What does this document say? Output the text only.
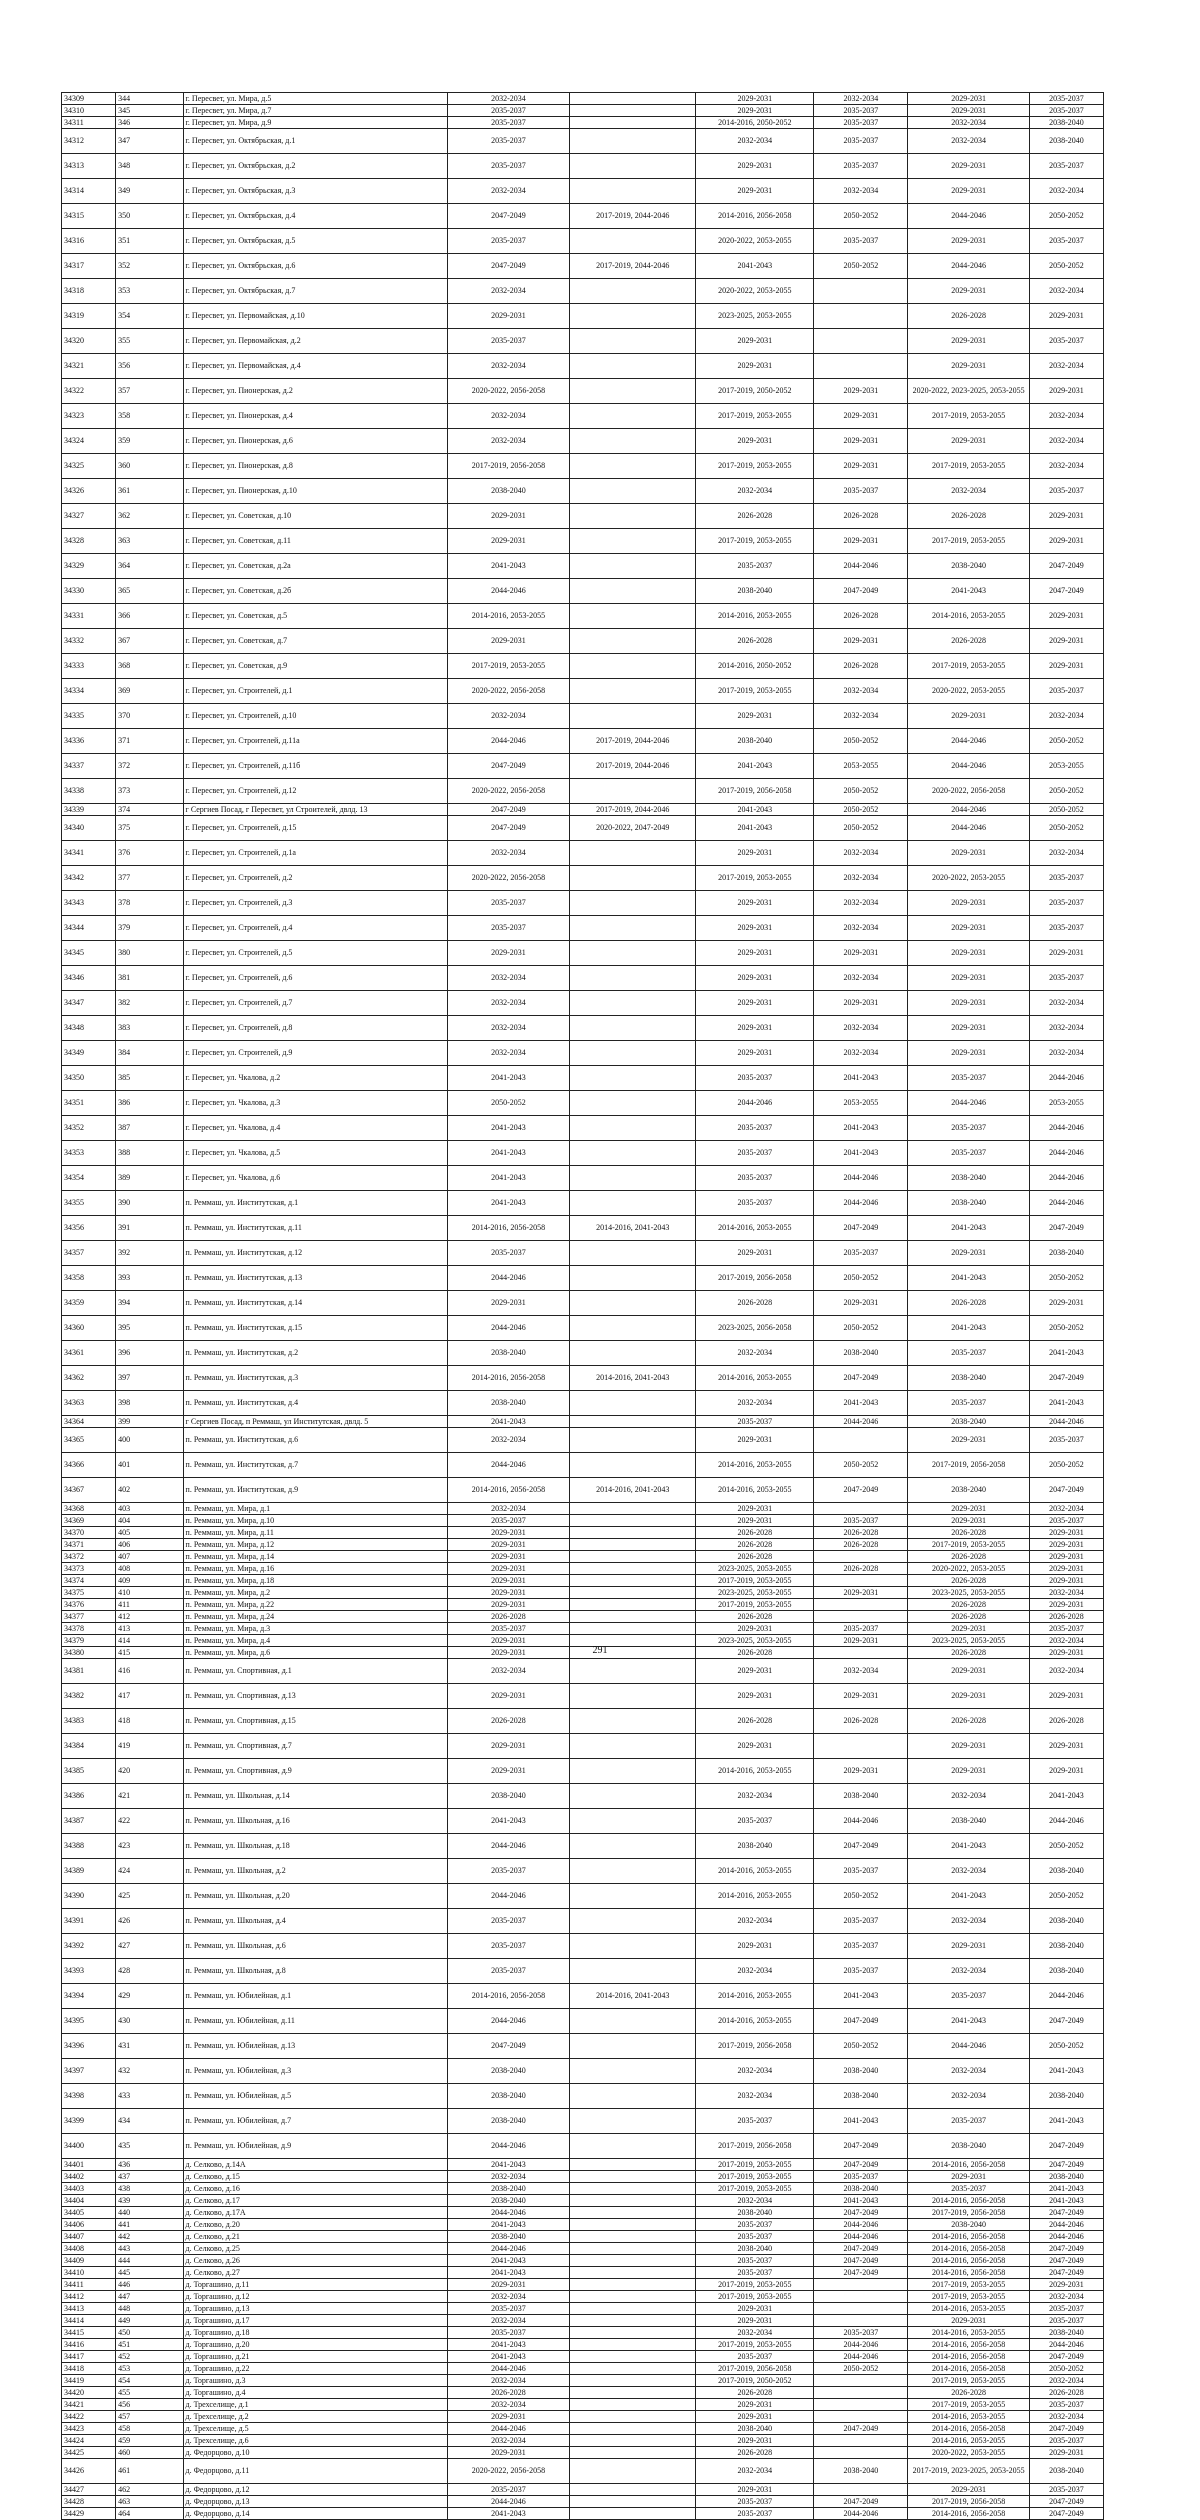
34309	344	г. Пересвет, ул. Мира, д.5	2032-2034		2029-2031	2032-2034	2029-2031	2035-2037
34310	345	г. Пересвет, ул. Мира, д.7	2035-2037		2029-2031	2035-2037	2029-2031	2035-2037
34311	346	г. Пересвет, ул. Мира, д.9	2035-2037		2014-2016, 2050-2052	2035-2037	2032-2034	2038-2040
34312	347	г. Пересвет, ул. Октябрьская, д.1	2035-2037		2032-2034	2035-2037	2032-2034	2038-2040
34313	348	г. Пересвет, ул. Октябрьская, д.2	2035-2037		2029-2031	2035-2037	2029-2031	2035-2037
34314	349	г. Пересвет, ул. Октябрьская, д.3	2032-2034		2029-2031	2032-2034	2029-2031	2032-2034
34315	350	г. Пересвет, ул. Октябрьская, д.4	2047-2049	2017-2019, 2044-2046	2014-2016, 2056-2058	2050-2052	2044-2046	2050-2052
34316	351	г. Пересвет, ул. Октябрьская, д.5	2035-2037		2020-2022, 2053-2055	2035-2037	2029-2031	2035-2037
34317	352	г. Пересвет, ул. Октябрьская, д.6	2047-2049	2017-2019, 2044-2046	2041-2043	2050-2052	2044-2046	2050-2052
34318	353	г. Пересвет, ул. Октябрьская, д.7	2032-2034		2020-2022, 2053-2055		2029-2031	2032-2034
34319	354	г. Пересвет, ул. Первомайская, д.10	2029-2031		2023-2025, 2053-2055		2026-2028	2029-2031
34320	355	г. Пересвет, ул. Первомайская, д.2	2035-2037		2029-2031		2029-2031	2035-2037
34321	356	г. Пересвет, ул. Первомайская, д.4	2032-2034		2029-2031		2029-2031	2032-2034
34322	357	г. Пересвет, ул. Пионерская, д.2	2020-2022, 2056-2058		2017-2019, 2050-2052	2029-2031	2020-2022, 2023-2025, 2053-2055	2029-2031
34323	358	г. Пересвет, ул. Пионерская, д.4	2032-2034		2017-2019, 2053-2055	2029-2031	2017-2019, 2053-2055	2032-2034
34324	359	г. Пересвет, ул. Пионерская, д.6	2032-2034		2029-2031	2029-2031	2029-2031	2032-2034
34325	360	г. Пересвет, ул. Пионерская, д.8	2017-2019, 2056-2058		2017-2019, 2053-2055	2029-2031	2017-2019, 2053-2055	2032-2034
34326	361	г. Пересвет, ул. Пионерская, д.10	2038-2040		2032-2034	2035-2037	2032-2034	2035-2037
34327	362	г. Пересвет, ул. Советская, д.10	2029-2031		2026-2028	2026-2028	2026-2028	2029-2031
34328	363	г. Пересвет, ул. Советская, д.11	2029-2031		2017-2019, 2053-2055	2029-2031	2017-2019, 2053-2055	2029-2031
34329	364	г. Пересвет, ул. Советская, д.2а	2041-2043		2035-2037	2044-2046	2038-2040	2047-2049
34330	365	г. Пересвет, ул. Советская, д.2б	2044-2046		2038-2040	2047-2049	2041-2043	2047-2049
34331	366	г. Пересвет, ул. Советская, д.5	2014-2016, 2053-2055		2014-2016, 2053-2055	2026-2028	2014-2016, 2053-2055	2029-2031
34332	367	г. Пересвет, ул. Советская, д.7	2029-2031		2026-2028	2029-2031	2026-2028	2029-2031
34333	368	г. Пересвет, ул. Советская, д.9	2017-2019, 2053-2055		2014-2016, 2050-2052	2026-2028	2017-2019, 2053-2055	2029-2031
34334	369	г. Пересвет, ул. Строителей, д.1	2020-2022, 2056-2058		2017-2019, 2053-2055	2032-2034	2020-2022, 2053-2055	2035-2037
34335	370	г. Пересвет, ул. Строителей, д.10	2032-2034		2029-2031	2032-2034	2029-2031	2032-2034
34336	371	г. Пересвет, ул. Строителей, д.11а	2044-2046	2017-2019, 2044-2046	2038-2040	2050-2052	2044-2046	2050-2052
34337	372	г. Пересвет, ул. Строителей, д.11б	2047-2049	2017-2019, 2044-2046	2041-2043	2053-2055	2044-2046	2053-2055
34338	373	г. Пересвет, ул. Строителей, д.12	2020-2022, 2056-2058		2017-2019, 2056-2058	2050-2052	2020-2022, 2056-2058	2050-2052
34339	374	г Сергиев Посад, г Пересвет, ул Строителей, двлд. 13	2047-2049	2017-2019, 2044-2046	2041-2043	2050-2052	2044-2046	2050-2052
34340	375	г. Пересвет, ул. Строителей, д.15	2047-2049	2020-2022, 2047-2049	2041-2043	2050-2052	2044-2046	2050-2052
34341	376	г. Пересвет, ул. Строителей, д.1а	2032-2034		2029-2031	2032-2034	2029-2031	2032-2034
34342	377	г. Пересвет, ул. Строителей, д.2	2020-2022, 2056-2058		2017-2019, 2053-2055	2032-2034	2020-2022, 2053-2055	2035-2037
34343	378	г. Пересвет, ул. Строителей, д.3	2035-2037		2029-2031	2032-2034	2029-2031	2035-2037
34344	379	г. Пересвет, ул. Строителей, д.4	2035-2037		2029-2031	2032-2034	2029-2031	2035-2037
34345	380	г. Пересвет, ул. Строителей, д.5	2029-2031		2029-2031	2029-2031	2029-2031	2029-2031
34346	381	г. Пересвет, ул. Строителей, д.6	2032-2034		2029-2031	2032-2034	2029-2031	2035-2037
34347	382	г. Пересвет, ул. Строителей, д.7	2032-2034		2029-2031	2029-2031	2029-2031	2032-2034
34348	383	г. Пересвет, ул. Строителей, д.8	2032-2034		2029-2031	2032-2034	2029-2031	2032-2034
34349	384	г. Пересвет, ул. Строителей, д.9	2032-2034		2029-2031	2032-2034	2029-2031	2032-2034
34350	385	г. Пересвет, ул. Чкалова, д.2	2041-2043		2035-2037	2041-2043	2035-2037	2044-2046
34351	386	г. Пересвет, ул. Чкалова, д.3	2050-2052		2044-2046	2053-2055	2044-2046	2053-2055
34352	387	г. Пересвет, ул. Чкалова, д.4	2041-2043		2035-2037	2041-2043	2035-2037	2044-2046
34353	388	г. Пересвет, ул. Чкалова, д.5	2041-2043		2035-2037	2041-2043	2035-2037	2044-2046
34354	389	г. Пересвет, ул. Чкалова, д.6	2041-2043		2035-2037	2044-2046	2038-2040	2044-2046
34355	390	п. Реммаш, ул. Институтская, д.1	2041-2043		2035-2037	2044-2046	2038-2040	2044-2046
34356	391	п. Реммаш, ул. Институтская, д.11	2014-2016, 2056-2058	2014-2016, 2041-2043	2014-2016, 2053-2055	2047-2049	2041-2043	2047-2049
34357	392	п. Реммаш, ул. Институтская, д.12	2035-2037		2029-2031	2035-2037	2029-2031	2038-2040
34358	393	п. Реммаш, ул. Институтская, д.13	2044-2046		2017-2019, 2056-2058	2050-2052	2041-2043	2050-2052
34359	394	п. Реммаш, ул. Институтская, д.14	2029-2031		2026-2028	2029-2031	2026-2028	2029-2031
34360	395	п. Реммаш, ул. Институтская, д.15	2044-2046		2023-2025, 2056-2058	2050-2052	2041-2043	2050-2052
34361	396	п. Реммаш, ул. Институтская, д.2	2038-2040		2032-2034	2038-2040	2035-2037	2041-2043
34362	397	п. Реммаш, ул. Институтская, д.3	2014-2016, 2056-2058	2014-2016, 2041-2043	2014-2016, 2053-2055	2047-2049	2038-2040	2047-2049
34363	398	п. Реммаш, ул. Институтская, д.4	2038-2040		2032-2034	2041-2043	2035-2037	2041-2043
34364	399	г Сергиев Посад, п Реммаш, ул Институтская, двлд. 5	2041-2043		2035-2037	2044-2046	2038-2040	2044-2046
34365	400	п. Реммаш, ул. Институтская, д.6	2032-2034		2029-2031		2029-2031	2035-2037
34366	401	п. Реммаш, ул. Институтская, д.7	2044-2046		2014-2016, 2053-2055	2050-2052	2017-2019, 2056-2058	2050-2052
34367	402	п. Реммаш, ул. Институтская, д.9	2014-2016, 2056-2058	2014-2016, 2041-2043	2014-2016, 2053-2055	2047-2049	2038-2040	2047-2049
34368	403	п. Реммаш, ул. Мира, д.1	2032-2034		2029-2031		2029-2031	2032-2034
34369	404	п. Реммаш, ул. Мира, д.10	2035-2037		2029-2031	2035-2037	2029-2031	2035-2037
34370	405	п. Реммаш, ул. Мира, д.11	2029-2031		2026-2028	2026-2028	2026-2028	2029-2031
34371	406	п. Реммаш, ул. Мира, д.12	2029-2031		2026-2028	2026-2028	2017-2019, 2053-2055	2029-2031
34372	407	п. Реммаш, ул. Мира, д.14	2029-2031		2026-2028		2026-2028	2029-2031
34373	408	п. Реммаш, ул. Мира, д.16	2029-2031		2023-2025, 2053-2055	2026-2028	2020-2022, 2053-2055	2029-2031
34374	409	п. Реммаш, ул. Мира, д.18	2029-2031		2017-2019, 2053-2055		2026-2028	2029-2031
34375	410	п. Реммаш, ул. Мира, д.2	2029-2031		2023-2025, 2053-2055	2029-2031	2023-2025, 2053-2055	2032-2034
34376	411	п. Реммаш, ул. Мира, д.22	2029-2031		2017-2019, 2053-2055		2026-2028	2029-2031
34377	412	п. Реммаш, ул. Мира, д.24	2026-2028		2026-2028		2026-2028	2026-2028
34378	413	п. Реммаш, ул. Мира, д.3	2035-2037		2029-2031	2035-2037	2029-2031	2035-2037
34379	414	п. Реммаш, ул. Мира, д.4	2029-2031		2023-2025, 2053-2055	2029-2031	2023-2025, 2053-2055	2032-2034
34380	415	п. Реммаш, ул. Мира, д.6	2029-2031		2026-2028		2026-2028	2029-2031
34381	416	п. Реммаш, ул. Спортивная, д.1	2032-2034		2029-2031	2032-2034	2029-2031	2032-2034
34382	417	п. Реммаш, ул. Спортивная, д.13	2029-2031		2029-2031	2029-2031	2029-2031	2029-2031
34383	418	п. Реммаш, ул. Спортивная, д.15	2026-2028		2026-2028	2026-2028	2026-2028	2026-2028
34384	419	п. Реммаш, ул. Спортивная, д.7	2029-2031		2029-2031		2029-2031	2029-2031
34385	420	п. Реммаш, ул. Спортивная, д.9	2029-2031		2014-2016, 2053-2055	2029-2031	2029-2031	2029-2031
34386	421	п. Реммаш, ул. Школьная, д.14	2038-2040		2032-2034	2038-2040	2032-2034	2041-2043
34387	422	п. Реммаш, ул. Школьная, д.16	2041-2043		2035-2037	2044-2046	2038-2040	2044-2046
34388	423	п. Реммаш, ул. Школьная, д.18	2044-2046		2038-2040	2047-2049	2041-2043	2050-2052
34389	424	п. Реммаш, ул. Школьная, д.2	2035-2037		2014-2016, 2053-2055	2035-2037	2032-2034	2038-2040
34390	425	п. Реммаш, ул. Школьная, д.20	2044-2046		2014-2016, 2053-2055	2050-2052	2041-2043	2050-2052
34391	426	п. Реммаш, ул. Школьная, д.4	2035-2037		2032-2034	2035-2037	2032-2034	2038-2040
34392	427	п. Реммаш, ул. Школьная, д.6	2035-2037		2029-2031	2035-2037	2029-2031	2038-2040
34393	428	п. Реммаш, ул. Школьная, д.8	2035-2037		2032-2034	2035-2037	2032-2034	2038-2040
34394	429	п. Реммаш, ул. Юбилейная, д.1	2014-2016, 2056-2058	2014-2016, 2041-2043	2014-2016, 2053-2055	2041-2043	2035-2037	2044-2046
34395	430	п. Реммаш, ул. Юбилейная, д.11	2044-2046		2014-2016, 2053-2055	2047-2049	2041-2043	2047-2049
34396	431	п. Реммаш, ул. Юбилейная, д.13	2047-2049		2017-2019, 2056-2058	2050-2052	2044-2046	2050-2052
34397	432	п. Реммаш, ул. Юбилейная, д.3	2038-2040		2032-2034	2038-2040	2032-2034	2041-2043
34398	433	п. Реммаш, ул. Юбилейная, д.5	2038-2040		2032-2034	2038-2040	2032-2034	2038-2040
34399	434	п. Реммаш, ул. Юбилейная, д.7	2038-2040		2035-2037	2041-2043	2035-2037	2041-2043
34400	435	п. Реммаш, ул. Юбилейная, д.9	2044-2046		2017-2019, 2056-2058	2047-2049	2038-2040	2047-2049
34401	436	д. Селково, д.14А	2041-2043		2017-2019, 2053-2055	2047-2049	2014-2016, 2056-2058	2047-2049
34402	437	д. Селково, д.15	2032-2034		2017-2019, 2053-2055	2035-2037	2029-2031	2038-2040
34403	438	д. Селково, д.16	2038-2040		2017-2019, 2053-2055	2038-2040	2035-2037	2041-2043
34404	439	д. Селково, д.17	2038-2040		2032-2034	2041-2043	2014-2016, 2056-2058	2041-2043
34405	440	д. Селково, д.17А	2044-2046		2038-2040	2047-2049	2017-2019, 2056-2058	2047-2049
34406	441	д. Селково, д.20	2041-2043		2035-2037	2044-2046	2038-2040	2044-2046
34407	442	д. Селково, д.21	2038-2040		2035-2037	2044-2046	2014-2016, 2056-2058	2044-2046
34408	443	д. Селково, д.25	2044-2046		2038-2040	2047-2049	2014-2016, 2056-2058	2047-2049
34409	444	д. Селково, д.26	2041-2043		2035-2037	2047-2049	2014-2016, 2056-2058	2047-2049
34410	445	д. Селково, д.27	2041-2043		2035-2037	2047-2049	2014-2016, 2056-2058	2047-2049
34411	446	д. Торгашино, д.11	2029-2031		2017-2019, 2053-2055		2017-2019, 2053-2055	2029-2031
34412	447	д. Торгашино, д.12	2032-2034		2017-2019, 2053-2055		2017-2019, 2053-2055	2032-2034
34413	448	д. Торгашино, д.13	2035-2037		2029-2031		2014-2016, 2053-2055	2035-2037
34414	449	д. Торгашино, д.17	2032-2034		2029-2031		2029-2031	2035-2037
34415	450	д. Торгашино, д.18	2035-2037		2032-2034	2035-2037	2014-2016, 2053-2055	2038-2040
34416	451	д. Торгашино, д.20	2041-2043		2017-2019, 2053-2055	2044-2046	2014-2016, 2056-2058	2044-2046
34417	452	д. Торгашино, д.21	2041-2043		2035-2037	2044-2046	2014-2016, 2056-2058	2047-2049
34418	453	д. Торгашино, д.22	2044-2046		2017-2019, 2056-2058	2050-2052	2014-2016, 2056-2058	2050-2052
34419	454	д. Торгашино, д.3	2032-2034		2017-2019, 2050-2052		2017-2019, 2053-2055	2032-2034
34420	455	д. Торгашино, д.4	2026-2028		2026-2028		2026-2028	2026-2028
34421	456	д. Трехселище, д.1	2032-2034		2029-2031		2017-2019, 2053-2055	2035-2037
34422	457	д. Трехселище, д.2	2029-2031		2029-2031		2014-2016, 2053-2055	2032-2034
34423	458	д. Трехселище, д.5	2044-2046		2038-2040	2047-2049	2014-2016, 2056-2058	2047-2049
34424	459	д. Трехселище, д.6	2032-2034		2029-2031		2014-2016, 2053-2055	2035-2037
34425	460	д. Федорцово, д.10	2029-2031		2026-2028		2020-2022, 2053-2055	2029-2031
34426	461	д. Федорцово, д.11	2020-2022, 2056-2058		2032-2034	2038-2040	2017-2019, 2023-2025, 2053-2055	2038-2040
34427	462	д. Федорцово, д.12	2035-2037		2029-2031		2029-2031	2035-2037
34428	463	д. Федорцово, д.13	2044-2046		2035-2037	2047-2049	2017-2019, 2056-2058	2047-2049
34429	464	д. Федорцово, д.14	2041-2043		2035-2037	2044-2046	2014-2016, 2056-2058	2047-2049
291
